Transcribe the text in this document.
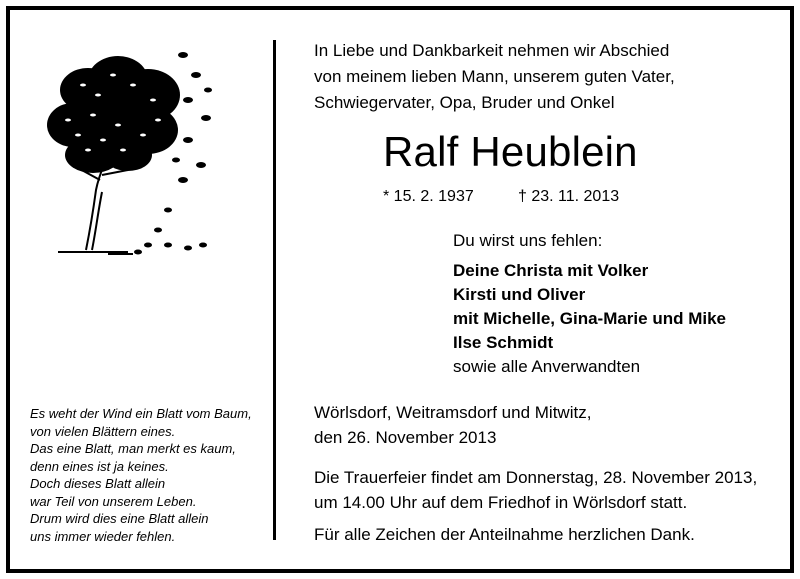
Es weht der Wind ein Blatt vom Baum,
von vielen Blättern eines.
Das eine Blatt, man merkt es kaum,
denn eines ist ja keines.
Doch dieses Blatt allein
war Teil von unserem Leben.
Drum wird dies eine Blatt allein
uns immer wieder fehlen.
In Liebe und Dankbarkeit nehmen wir Abschied
von meinem lieben Mann, unserem guten Vater,
Schwiegervater, Opa, Bruder und Onkel
Ralf Heublein
* 15. 2. 1937	† 23. 11. 2013
Du wirst uns fehlen:
Deine Christa mit Volker
Kirsti und Oliver
mit Michelle, Gina-Marie und Mike
Ilse Schmidt
sowie alle Anverwandten
Wörlsdorf, Weitramsdorf und Mitwitz,
den 26. November 2013
Die Trauerfeier findet am Donnerstag, 28. November 2013,
um 14.00 Uhr auf dem Friedhof in Wörlsdorf statt.
Für alle Zeichen der Anteilnahme herzlichen Dank.
